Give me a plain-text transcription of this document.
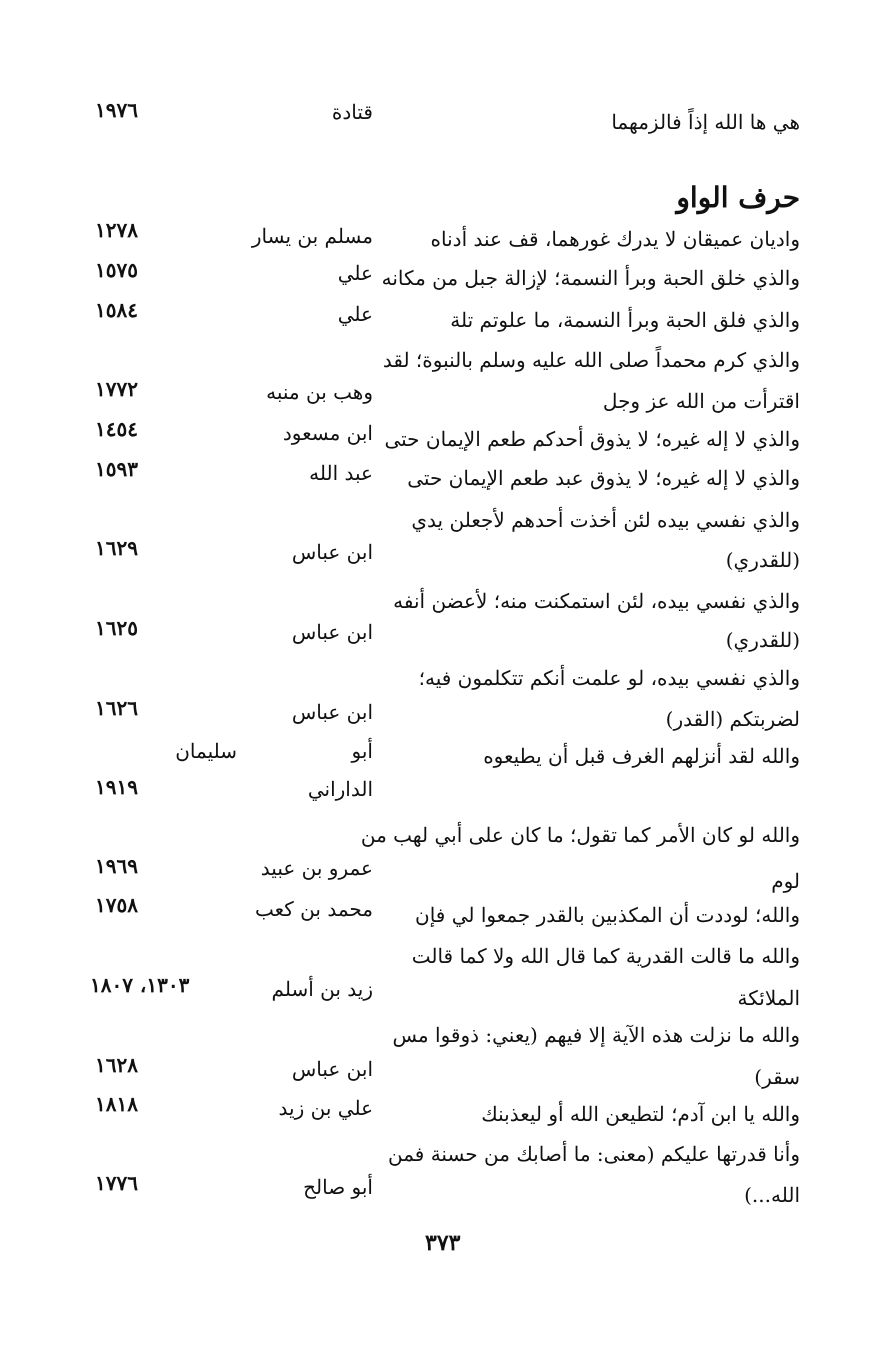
هي ها الله إذاً فالزمهما
قتادة
١٩٧٦
حرف الواو
واديان عميقان لا يدرك غورهما، قف عند أدناه
مسلم بن يسار
١٢٧٨
والذي خلق الحبة وبرأ النسمة؛ لإزالة جبل من مكانه
علي
١٥٧٥
والذي فلق الحبة وبرأ النسمة، ما علوتم تلة
علي
١٥٨٤
والذي كرم محمداً صلى الله عليه وسلم بالنبوة؛ لقد
اقترأت من الله عز وجل
وهب بن منبه
١٧٧٢
والذي لا إله غيره؛ لا يذوق أحدكم طعم الإيمان حتى
ابن مسعود
١٤٥٤
والذي لا إله غيره؛ لا يذوق عبد طعم الإيمان حتى
عبد الله
١٥٩٣
والذي نفسي بيده لئن أخذت أحدهم لأجعلن يدي
(للقدري)
ابن عباس
١٦٢٩
والذي نفسي بيده، لئن استمكنت منه؛ لأعضن أنفه
(للقدري)
ابن عباس
١٦٢٥
والذي نفسي بيده، لو علمت أنكم تتكلمون فيه؛
لضربتكم (القدر)
ابن عباس
١٦٢٦
والله لقد أنزلهم الغرف قبل أن يطيعوه
أبو
سليمان
الداراني
١٩١٩
والله لو كان الأمر كما تقول؛ ما كان على أبي لهب من
لوم
عمرو بن عبيد
١٩٦٩
والله؛ لوددت أن المكذبين بالقدر جمعوا لي فإن
محمد بن كعب
١٧٥٨
والله ما قالت القدرية كما قال الله ولا كما قالت
الملائكة
زيد بن أسلم
١٣٠٣، ١٨٠٧
والله ما نزلت هذه الآية إلا فيهم (يعني: ذوقوا مس
سقر)
ابن عباس
١٦٢٨
والله يا ابن آدم؛ لتطيعن الله أو ليعذبنك
علي بن زيد
١٨١٨
وأنا قدرتها عليكم (معنى: ما أصابك من حسنة فمن
الله...)
أبو صالح
١٧٧٦
٣٧٣
